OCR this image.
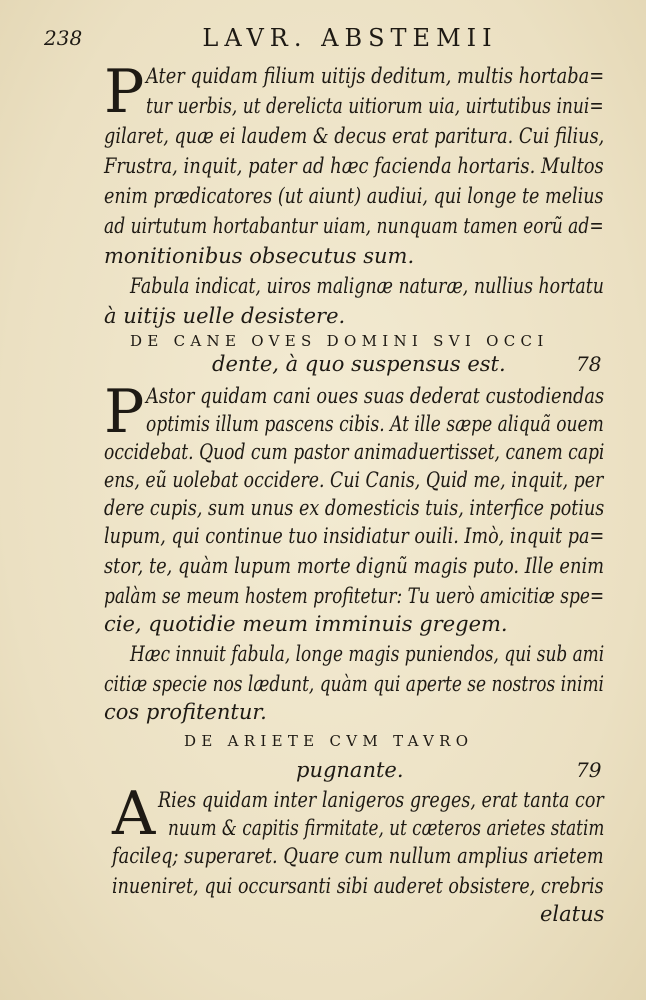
238	LAVR. ABSTEMII
P Ater quidam filium uitijs deditum, multis hortaba=
tur uerbis, ut derelicta uitiorum uia, uirtutibus inui=
gilaret, quæ ei laudem & decus erat paritura. Cui filius,
Frustra, inquit, pater ad hæc facienda hortaris. Multos
enim prædicatores (ut aiunt) audiui, qui longe te melius
ad uirtutum hortabantur uiam, nunquam tamen eorũ ad=
monitionibus obsecutus sum.
Fabula indicat, uiros malignæ naturæ, nullius hortatu
à uitijs uelle desistere.
DE CANE OVES DOMINI SVI OCCI
dente, à quo suspensus est.	78
P Astor quidam cani oues suas dederat custodiendas
optimis illum pascens cibis. At ille sæpe aliquã ouem
occidebat. Quod cum pastor animaduertisset, canem capi
ens, eũ uolebat occidere. Cui Canis, Quid me, inquit, per
dere cupis, sum unus ex domesticis tuis, interfice potius
lupum, qui continue tuo insidiatur ouili. Imò, inquit pa=
stor, te, quàm lupum morte dignũ magis puto. Ille enim
palàm se meum hostem profitetur: Tu uerò amicitiæ spe=
cie, quotidie meum imminuis gregem.
Hæc innuit fabula, longe magis puniendos, qui sub ami
citiæ specie nos lædunt, quàm qui aperte se nostros inimi
cos profitentur.
DE ARIETE CVM TAVRO
pugnante.	79
A Ries quidam inter lanigeros greges, erat tanta cor
nuum & capitis firmitate, ut cæteros arietes statim
facileq; superaret. Quare cum nullum amplius arietem
inueniret, qui occursanti sibi auderet obsistere, crebris
elatus
